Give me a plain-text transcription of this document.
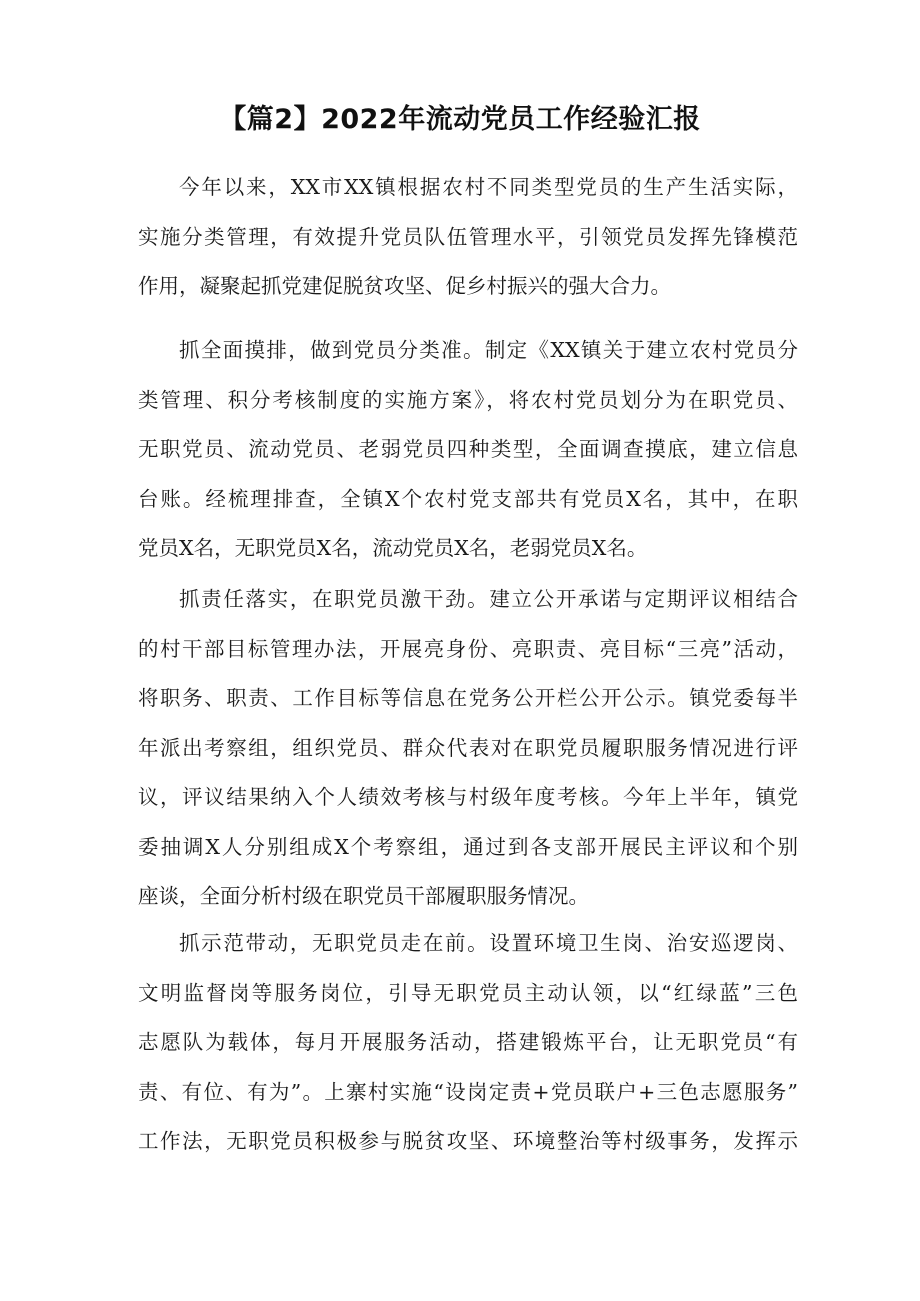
【篇2】2022年流动党员工作经验汇报
今年以来，XX市XX镇根据农村不同类型党员的生产生活实际，
实施分类管理，有效提升党员队伍管理水平，引领党员发挥先锋模范
作用，凝聚起抓党建促脱贫攻坚、促乡村振兴的强大合力。
抓全面摸排，做到党员分类准。制定《XX镇关于建立农村党员分
类管理、积分考核制度的实施方案》，将农村党员划分为在职党员、
无职党员、流动党员、老弱党员四种类型，全面调查摸底，建立信息
台账。经梳理排查，全镇X个农村党支部共有党员X名，其中，在职
党员X名，无职党员X名，流动党员X名，老弱党员X名。
抓责任落实，在职党员激干劲。建立公开承诺与定期评议相结合
的村干部目标管理办法，开展亮身份、亮职责、亮目标“三亮”活动，
将职务、职责、工作目标等信息在党务公开栏公开公示。镇党委每半
年派出考察组，组织党员、群众代表对在职党员履职服务情况进行评
议，评议结果纳入个人绩效考核与村级年度考核。今年上半年，镇党
委抽调X人分别组成X个考察组，通过到各支部开展民主评议和个别
座谈，全面分析村级在职党员干部履职服务情况。
抓示范带动，无职党员走在前。设置环境卫生岗、治安巡逻岗、
文明监督岗等服务岗位，引导无职党员主动认领，以“红绿蓝”三色
志愿队为载体，每月开展服务活动，搭建锻炼平台，让无职党员“有
责、有位、有为”。上寨村实施“设岗定责+党员联户+三色志愿服务”
工作法，无职党员积极参与脱贫攻坚、环境整治等村级事务，发挥示
